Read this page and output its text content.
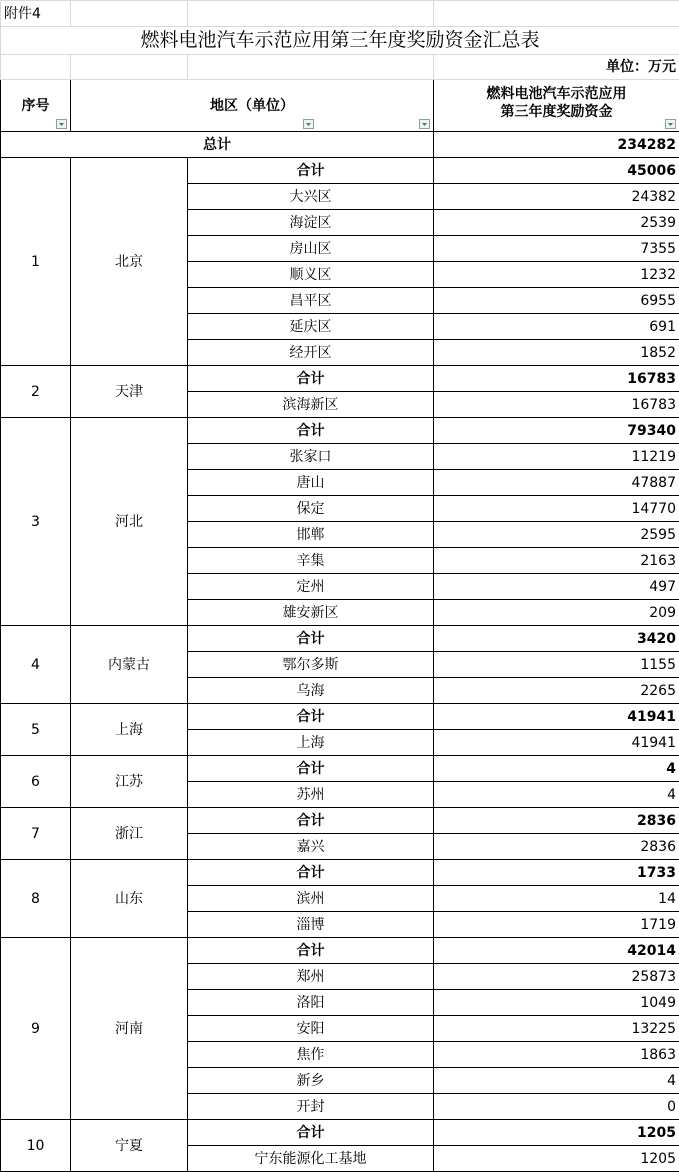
附件4			
燃料电池汽车示范应用第三年度奖励资金汇总表			
			单位：万元
序号	地区（单位）		燃料电池汽车示范应用
第三年度奖励资金

总计			234282
1	北京	合计	45006
		大兴区	24382
		海淀区	2539
		房山区	7355
		顺义区	1232
		昌平区	6955
		延庆区	691
		经开区	1852
2	天津	合计	16783
		滨海新区	16783
3	河北	合计	79340
		张家口	11219
		唐山	47887
		保定	14770
		邯郸	2595
		辛集	2163
		定州	497
		雄安新区	209
4	内蒙古	合计	3420
		鄂尔多斯	1155
		乌海	2265
5	上海	合计	41941
		上海	41941
6	江苏	合计	4
		苏州	4
7	浙江	合计	2836
		嘉兴	2836
8	山东	合计	1733
		滨州	14
		淄博	1719
9	河南	合计	42014
		郑州	25873
		洛阳	1049
		安阳	13225
		焦作	1863
		新乡	4
		开封	0
10	宁夏	合计	1205
		宁东能源化工基地	1205
